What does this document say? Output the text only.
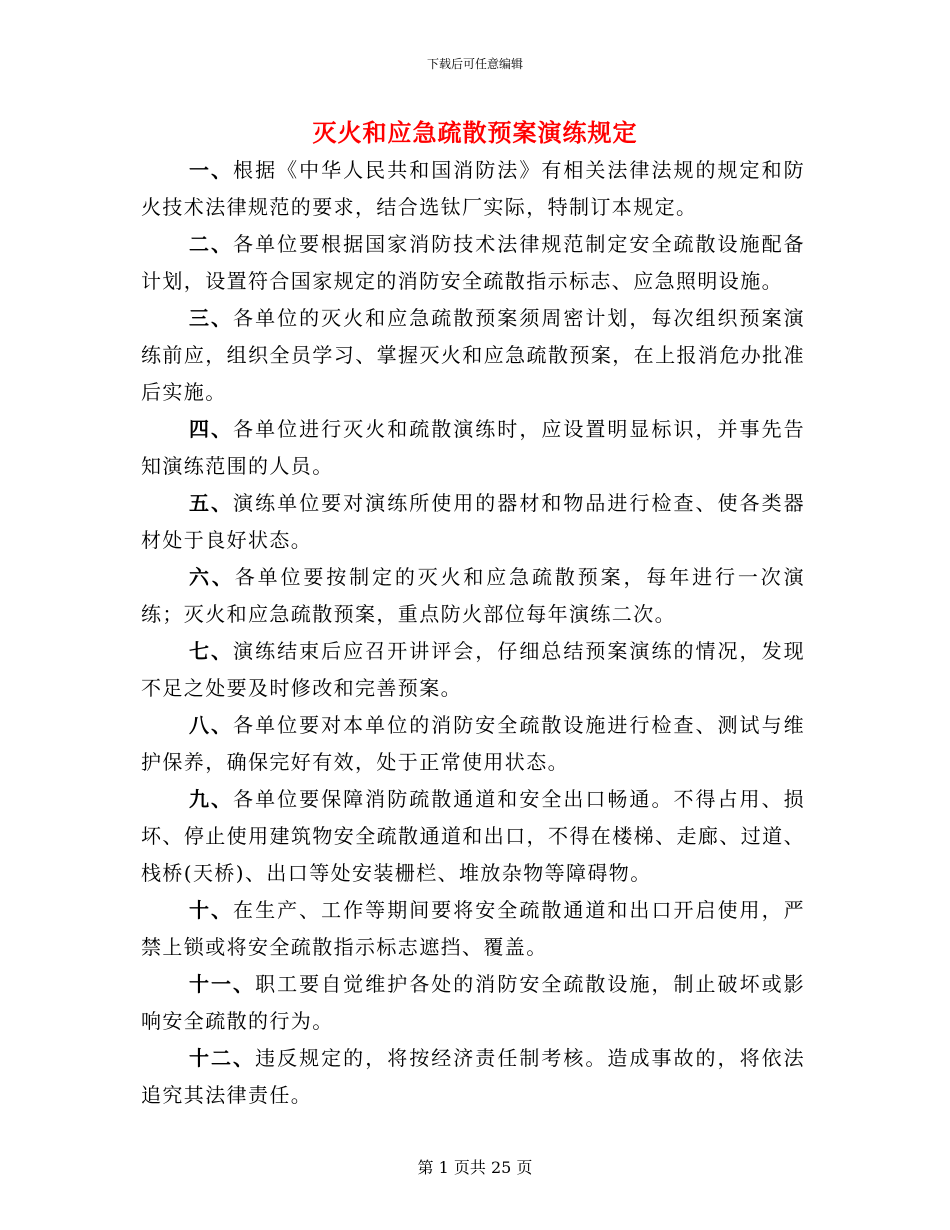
下载后可任意编辑
灭火和应急疏散预案演练规定

一、根据《中华人民共和国消防法》有相关法律法规的规定和防火技术法律规范的要求，结合选钛厂实际，特制订本规定。

二、各单位要根据国家消防技术法律规范制定安全疏散设施配备计划，设置符合国家规定的消防安全疏散指示标志、应急照明设施。

三、各单位的灭火和应急疏散预案须周密计划，每次组织预案演练前应，组织全员学习、掌握灭火和应急疏散预案，在上报消危办批准后实施。

四、各单位进行灭火和疏散演练时，应设置明显标识，并事先告知演练范围的人员。

五、演练单位要对演练所使用的器材和物品进行检查、使各类器材处于良好状态。

六、各单位要按制定的灭火和应急疏散预案，每年进行一次演练；灭火和应急疏散预案，重点防火部位每年演练二次。

七、演练结束后应召开讲评会，仔细总结预案演练的情况，发现不足之处要及时修改和完善预案。

八、各单位要对本单位的消防安全疏散设施进行检查、测试与维护保养，确保完好有效，处于正常使用状态。

九、各单位要保障消防疏散通道和安全出口畅通。不得占用、损坏、停止使用建筑物安全疏散通道和出口，不得在楼梯、走廊、过道、栈桥(天桥)、出口等处安装栅栏、堆放杂物等障碍物。

十、在生产、工作等期间要将安全疏散通道和出口开启使用，严禁上锁或将安全疏散指示标志遮挡、覆盖。

十一、职工要自觉维护各处的消防安全疏散设施，制止破坏或影响安全疏散的行为。

十二、违反规定的，将按经济责任制考核。造成事故的，将依法追究其法律责任。

第 1 页共 25 页
